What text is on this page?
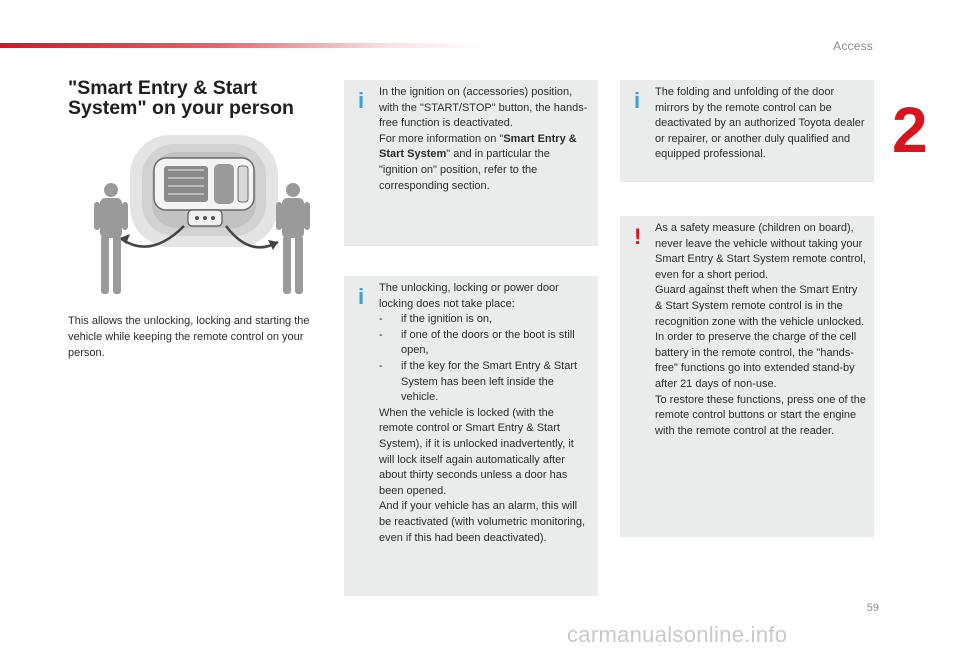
Access
2
"Smart Entry & Start System" on your person
This allows the unlocking, locking and starting the vehicle while keeping the remote control on your person.
i In the ignition on (accessories) position, with the "START/STOP" button, the hands-free function is deactivated.
For more information on "Smart Entry & Start System" and in particular the "ignition on" position, refer to the corresponding section.
i The unlocking, locking or power door locking does not take place:
-	if the ignition is on,
-	if one of the doors or the boot is still open,
-	if the key for the Smart Entry & Start System has been left inside the vehicle.
When the vehicle is locked (with the remote control or Smart Entry & Start System), if it is unlocked inadvertently, it will lock itself again automatically after about thirty seconds unless a door has been opened.
And if your vehicle has an alarm, this will be reactivated (with volumetric monitoring, even if this had been deactivated).
i The folding and unfolding of the door mirrors by the remote control can be deactivated by an authorized Toyota dealer or repairer, or another duly qualified and equipped professional.
! As a safety measure (children on board), never leave the vehicle without taking your Smart Entry & Start System remote control, even for a short period.
Guard against theft when the Smart Entry & Start System remote control is in the recognition zone with the vehicle unlocked.
In order to preserve the charge of the cell battery in the remote control, the "hands-free" functions go into extended stand-by after 21 days of non-use.
To restore these functions, press one of the remote control buttons or start the engine with the remote control at the reader.
59
carmanualsonline.info
